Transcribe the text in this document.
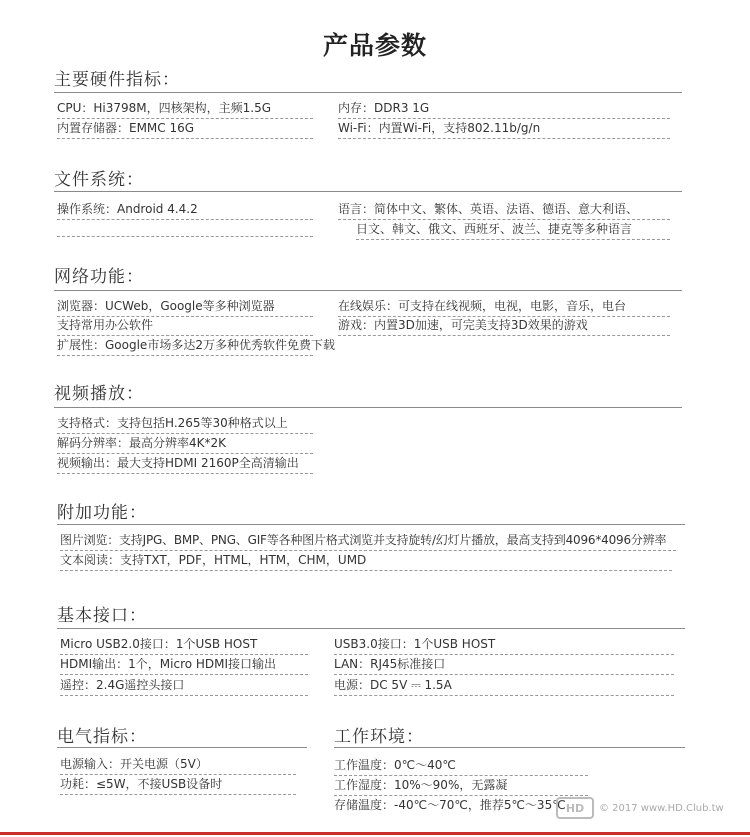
产品参数
主要硬件指标：
CPU：Hi3798M，四核架构，主频1.5G
内置存储器：EMMC 16G
内存：DDR3 1G
Wi-Fi：内置Wi-Fi，支持802.11b/g/n
文件系统：
操作系统：Android 4.4.2	语言：简体中文、繁体、英语、法语、德语、意大利语、
日文、韩文、俄文、西班牙、波兰、捷克等多种语言
网络功能：
浏览器：UCWeb，Google等多种浏览器
支持常用办公软件
扩展性：Google市场多达2万多种优秀软件免费下载
在线娱乐：可支持在线视频，电视，电影，音乐，电台
游戏：内置3D加速，可完美支持3D效果的游戏
视频播放：
支持格式：支持包括H.265等30种格式以上
解码分辨率：最高分辨率4K*2K
视频输出：最大支持HDMI 2160P全高清输出
附加功能：
图片浏览：支持JPG、BMP、PNG、GIF等各种图片格式浏览并支持旋转/幻灯片播放，最高支持到4096*4096分辨率
文本阅读：支持TXT，PDF，HTML，HTM，CHM，UMD
基本接口：
Micro USB2.0接口：1个USB HOST
HDMI输出：1个，Micro HDMI接口输出
遥控：2.4G遥控头接口
USB3.0接口：1个USB HOST
LAN：RJ45标准接口
电源：DC 5V ⎓ 1.5A
电气指标：
电源输入：开关电源（5V）
功耗：≤5W，不接USB设备时
工作环境：
工作温度：0℃～40℃
工作湿度：10%～90%，无露凝
存储温度：-40℃～70℃，推荐5℃～35℃ HD	© 2017 www.HD.Club.tw
